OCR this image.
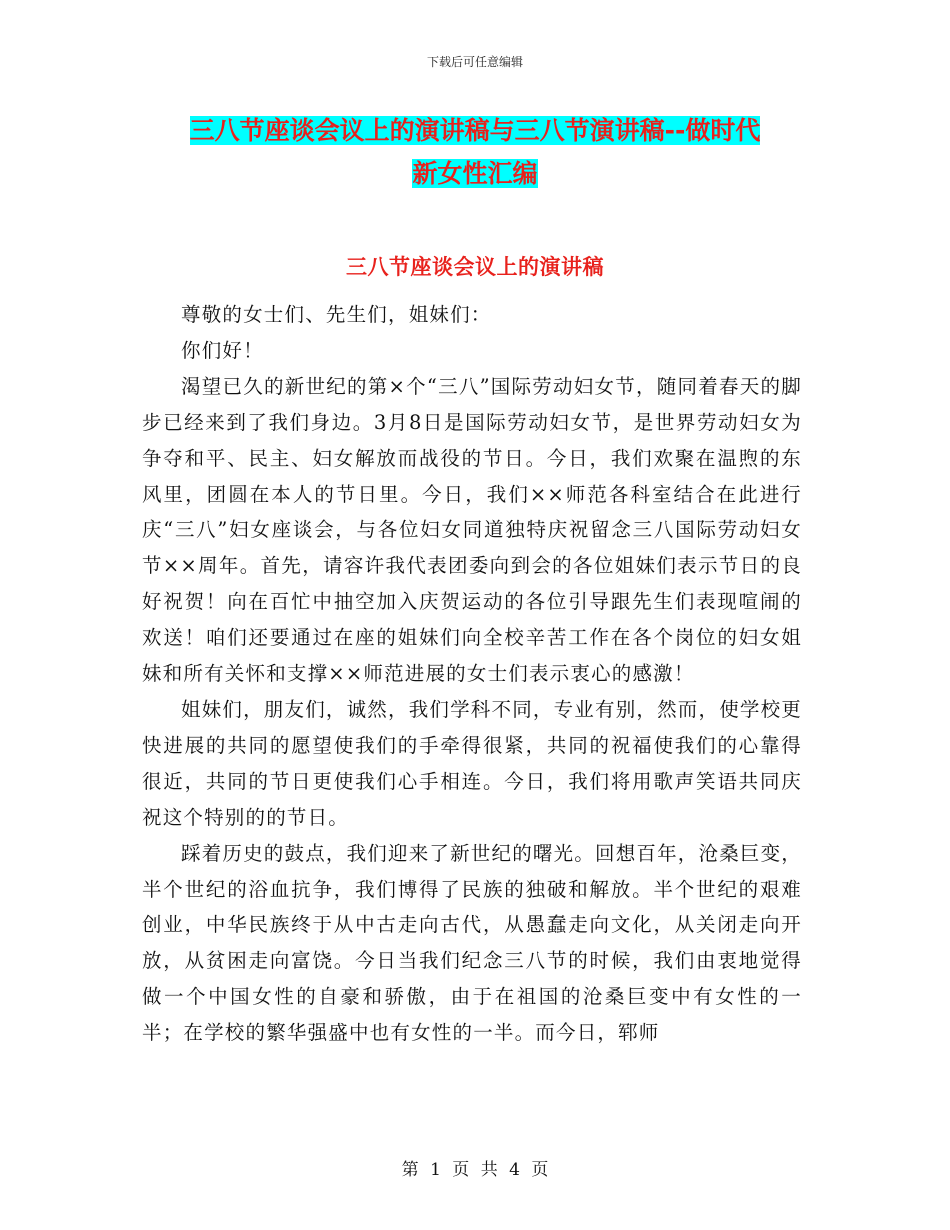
下载后可任意编辑
三八节座谈会议上的演讲稿与三八节演讲稿--做时代
新女性汇编
三八节座谈会议上的演讲稿

尊敬的女士们、先生们，姐妹们：

你们好！

渴望已久的新世纪的第×个“三八”国际劳动妇女节，随同着春天的脚步已经来到了我们身边。3月8日是国际劳动妇女节，是世界劳动妇女为争夺和平、民主、妇女解放而战役的节日。今日，我们欢聚在温煦的东风里，团圆在本人的节日里。今日，我们××师范各科室结合在此进行庆“三八”妇女座谈会，与各位妇女同道独特庆祝留念三八国际劳动妇女节××周年。首先，请容许我代表团委向到会的各位姐妹们表示节日的良好祝贺！向在百忙中抽空加入庆贺运动的各位引导跟先生们表现喧闹的欢送！咱们还要通过在座的姐妹们向全校辛苦工作在各个岗位的妇女姐妹和所有关怀和支撑××师范进展的女士们表示衷心的感激！

姐妹们，朋友们，诚然，我们学科不同，专业有别，然而，使学校更快进展的共同的愿望使我们的手牵得很紧，共同的祝福使我们的心靠得很近，共同的节日更使我们心手相连。今日，我们将用歌声笑语共同庆祝这个特别的的节日。

踩着历史的鼓点，我们迎来了新世纪的曙光。回想百年，沧桑巨变，半个世纪的浴血抗争，我们博得了民族的独破和解放。半个世纪的艰难创业，中华民族终于从中古走向古代，从愚蠢走向文化，从关闭走向开放，从贫困走向富饶。今日当我们纪念三八节的时候，我们由衷地觉得做一个中国女性的自豪和骄傲，由于在祖国的沧桑巨变中有女性的一半；在学校的繁华强盛中也有女性的一半。而今日，郓师

第 1 页 共 4 页
